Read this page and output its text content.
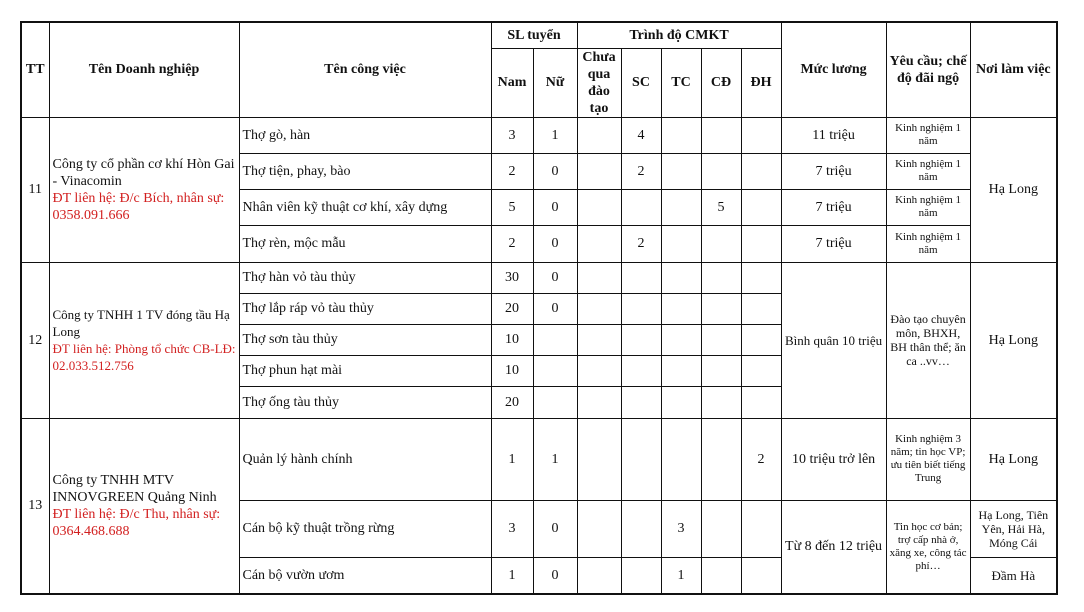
TT	Tên Doanh nghiệp	Tên công việc	SL tuyển		Trình độ CMKT					Mức lương	Yêu cầu; chế độ đãi ngộ	Nơi làm việc
			Nam	Nữ	Chưa qua đào tạo	SC	TC	CĐ	ĐH			
11	Công ty cổ phần cơ khí Hòn Gai - Vinacomin
ĐT liên hệ: Đ/c Bích, nhân sự: 0358.091.666	Thợ gò, hàn	3	1		4				11 triệu	Kinh nghiệm 1 năm	Hạ Long
		Thợ tiện, phay, bào	2	0		2				7 triệu	Kinh nghiệm 1 năm	
		Nhân viên kỹ thuật cơ khí, xây dựng	5	0				5		7 triệu	Kinh nghiệm 1 năm	
		Thợ rèn, mộc mẫu	2	0		2				7 triệu	Kinh nghiệm 1 năm	
12	Công ty TNHH 1 TV đóng tầu Hạ Long
ĐT liên hệ: Phòng tổ chức CB-LĐ: 02.033.512.756	Thợ hàn vỏ tàu thủy	30	0						Bình quân 10 triệu	Đào tạo chuyên môn, BHXH, BH thân thể; ăn ca ..vv…	Hạ Long
		Thợ lắp ráp vỏ tàu thủy	20	0								
		Thợ sơn tàu thủy	10									
		Thợ phun hạt mài	10									
		Thợ ống tàu thủy	20									
13	Công ty TNHH MTV INNOVGREEN Quảng Ninh
ĐT liên hệ: Đ/c Thu, nhân sự: 0364.468.688	Quản lý hành chính	1	1					2	10 triệu trở lên	Kinh nghiệm 3 năm; tin học VP; ưu tiên biết tiếng Trung	Hạ Long
		Cán bộ kỹ thuật trồng rừng	3	0			3			Từ 8 đến 12 triệu	Tin học cơ bản; trợ cấp nhà ở, xăng xe, công tác phí…	Hạ Long, Tiên Yên, Hải Hà, Móng Cái
		Cán bộ vườn ươm	1	0			1					Đầm Hà
